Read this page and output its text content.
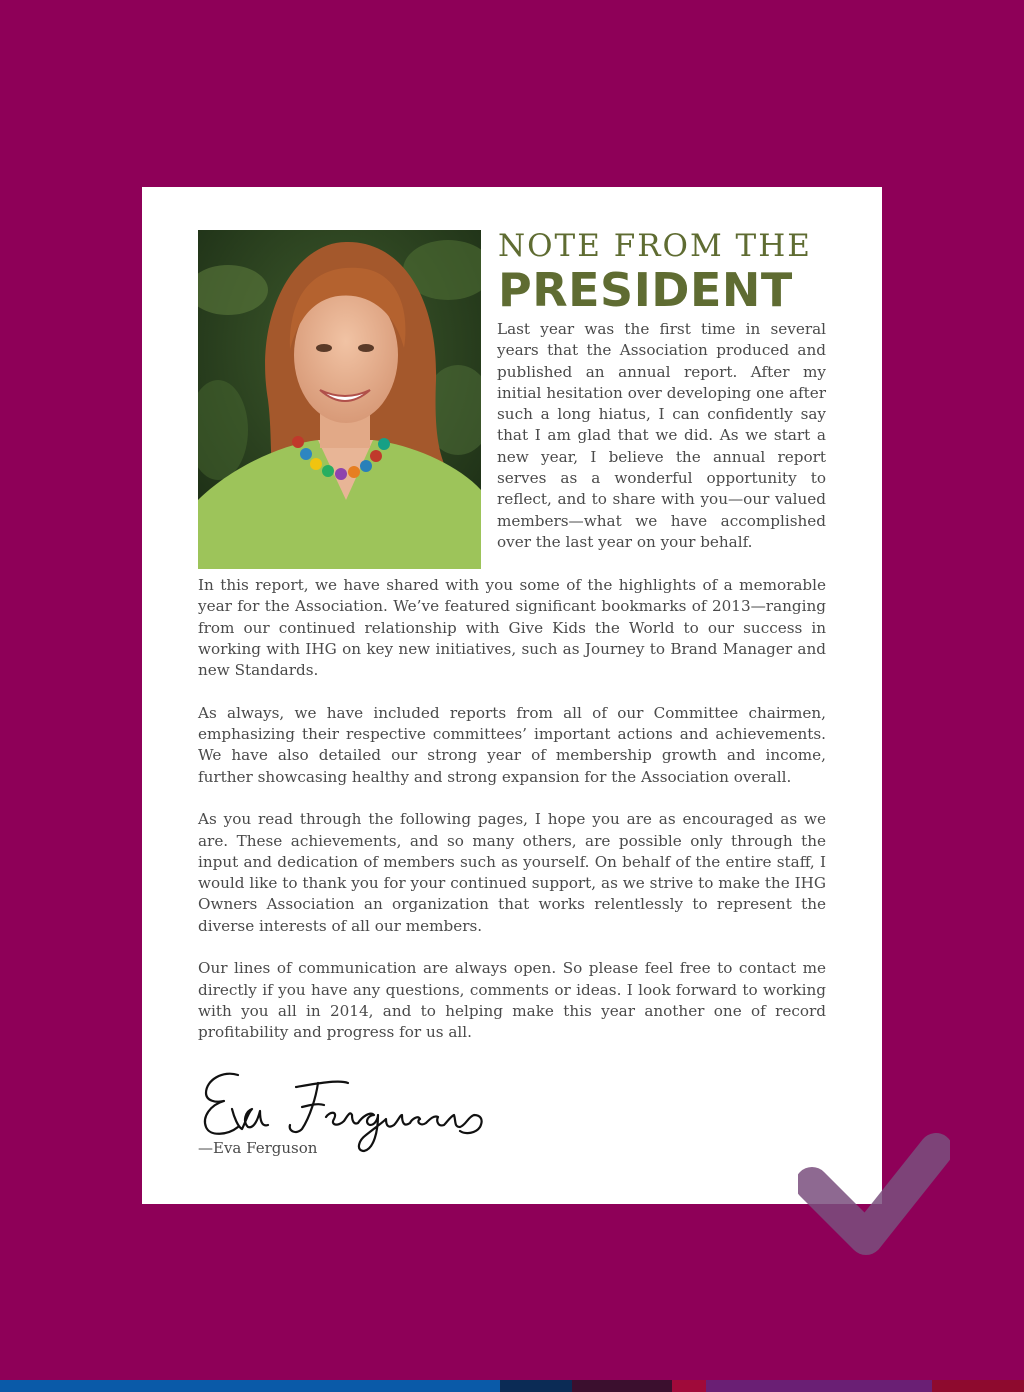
NOTE FROM THE
PRESIDENT

Last year was the first time in several years that the Association produced and published an annual report. After my initial hesitation over developing one after such a long hiatus, I can confidently say that I am glad that we did. As we start a new year, I believe the annual report serves as a wonderful opportunity to reflect, and to share with you—our valued members—what we have accomplished over the last year on your behalf.

In this report, we have shared with you some of the highlights of a memorable year for the Association. We’ve featured significant bookmarks of 2013—ranging from our continued relationship with Give Kids the World to our success in working with IHG on key new initiatives, such as Journey to Brand Manager and new Standards.

As always, we have included reports from all of our Committee chairmen, emphasizing their respective committees’ important actions and achievements. We have also detailed our strong year of membership growth and income, further showcasing healthy and strong expansion for the Association overall.

As you read through the following pages, I hope you are as encouraged as we are. These achievements, and so many others, are possible only through the input and dedication of members such as yourself. On behalf of the entire staff, I would like to thank you for your continued support, as we strive to make the IHG Owners Association an organization that works relentlessly to represent the diverse interests of all our members.

Our lines of communication are always open. So please feel free to contact me directly if you have any questions, comments or ideas. I look forward to working with you all in 2014, and to helping make this year another one of record profitability and progress for us all.

—Eva Ferguson
